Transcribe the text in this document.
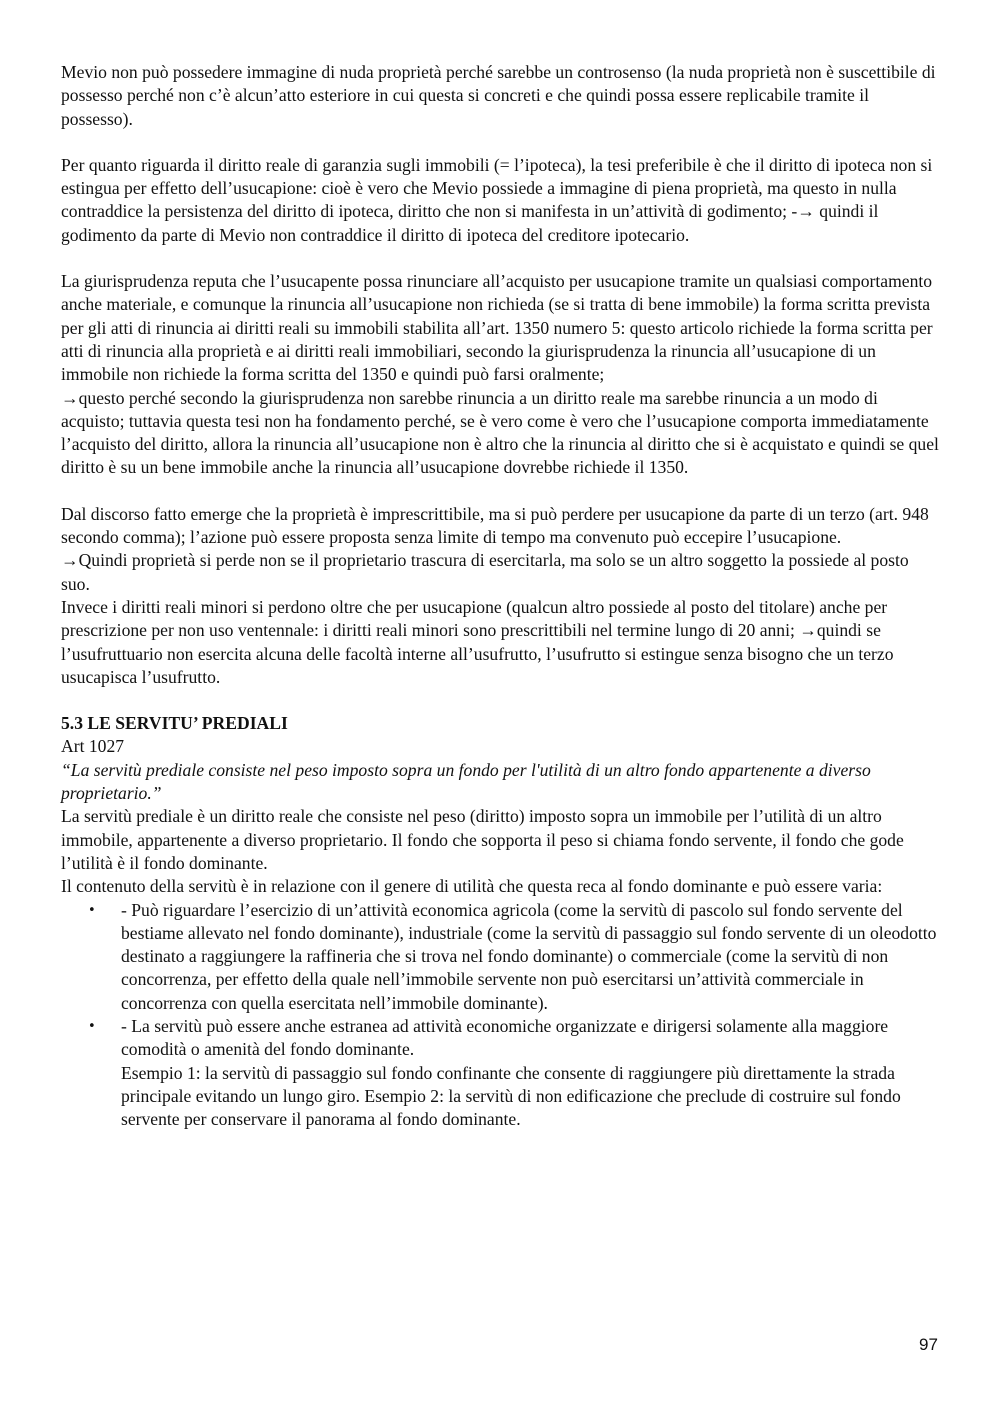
Mevio non può possedere immagine di nuda proprietà perché sarebbe un controsenso (la nuda proprietà non è suscettibile di possesso perché non c’è alcun’atto esteriore in cui questa si concreti e che quindi possa essere replicabile tramite il possesso).

Per quanto riguarda il diritto reale di garanzia sugli immobili (= l’ipoteca), la tesi preferibile è che il diritto di ipoteca non si estingua per effetto dell’usucapione: cioè è vero che Mevio possiede a immagine di piena proprietà, ma questo in nulla contraddice la persistenza del diritto di ipoteca, diritto che non si manifesta in un’attività di godimento; -→ quindi il godimento da parte di Mevio non contraddice il diritto di ipoteca del creditore ipotecario.

La giurisprudenza reputa che l’usucapente possa rinunciare all’acquisto per usucapione tramite un qualsiasi comportamento anche materiale, e comunque la rinuncia all’usucapione non richieda (se si tratta di bene immobile) la forma scritta prevista per gli atti di rinuncia ai diritti reali su immobili stabilita all’art. 1350 numero 5: questo articolo richiede la forma scritta per atti di rinuncia alla proprietà e ai diritti reali immobiliari, secondo la giurisprudenza la rinuncia all’usucapione di un immobile non richiede la forma scritta del 1350 e quindi può farsi oralmente;

→questo perché secondo la giurisprudenza non sarebbe rinuncia a un diritto reale ma sarebbe rinuncia a un modo di acquisto; tuttavia questa tesi non ha fondamento perché, se è vero come è vero che l’usucapione comporta immediatamente l’acquisto del diritto, allora la rinuncia all’usucapione non è altro che la rinuncia al diritto che si è acquistato e quindi se quel diritto è su un bene immobile anche la rinuncia all’usucapione dovrebbe richiede il 1350.

Dal discorso fatto emerge che la proprietà è imprescrittibile, ma si può perdere per usucapione da parte di un terzo (art. 948 secondo comma); l’azione può essere proposta senza limite di tempo ma convenuto può eccepire l’usucapione.

→Quindi proprietà si perde non se il proprietario trascura di esercitarla, ma solo se un altro soggetto la possiede al posto suo.

Invece i diritti reali minori si perdono oltre che per usucapione (qualcun altro possiede al posto del titolare) anche per prescrizione per non uso ventennale: i diritti reali minori sono prescrittibili nel termine lungo di 20 anni; →quindi se l’usufruttuario non esercita alcuna delle facoltà interne all’usufrutto, l’usufrutto si estingue senza bisogno che un terzo usucapisca l’usufrutto.

5.3 LE SERVITU’ PREDIALI

Art 1027

“La servitù prediale consiste nel peso imposto sopra un fondo per l'utilità di un altro fondo appartenente a diverso proprietario.”

La servitù prediale è un diritto reale che consiste nel peso (diritto) imposto sopra un immobile per l’utilità di un altro immobile, appartenente a diverso proprietario. Il fondo che sopporta il peso si chiama fondo servente, il fondo che gode l’utilità è il fondo dominante.

Il contenuto della servitù è in relazione con il genere di utilità che questa reca al fondo dominante e può essere varia:

• - Può riguardare l’esercizio di un’attività economica agricola (come la servitù di pascolo sul fondo servente del bestiame allevato nel fondo dominante), industriale (come la servitù di passaggio sul fondo servente di un oleodotto destinato a raggiungere la raffineria che si trova nel fondo dominante) o commerciale (come la servitù di non concorrenza, per effetto della quale nell’immobile servente non può esercitarsi un’attività commerciale in concorrenza con quella esercitata nell’immobile dominante).
• - La servitù può essere anche estranea ad attività economiche organizzate e dirigersi solamente alla maggiore comodità o amenità del fondo dominante.
Esempio 1: la servitù di passaggio sul fondo confinante che consente di raggiungere più direttamente la strada principale evitando un lungo giro. Esempio 2: la servitù di non edificazione che preclude di costruire sul fondo servente per conservare il panorama al fondo dominante.
97
